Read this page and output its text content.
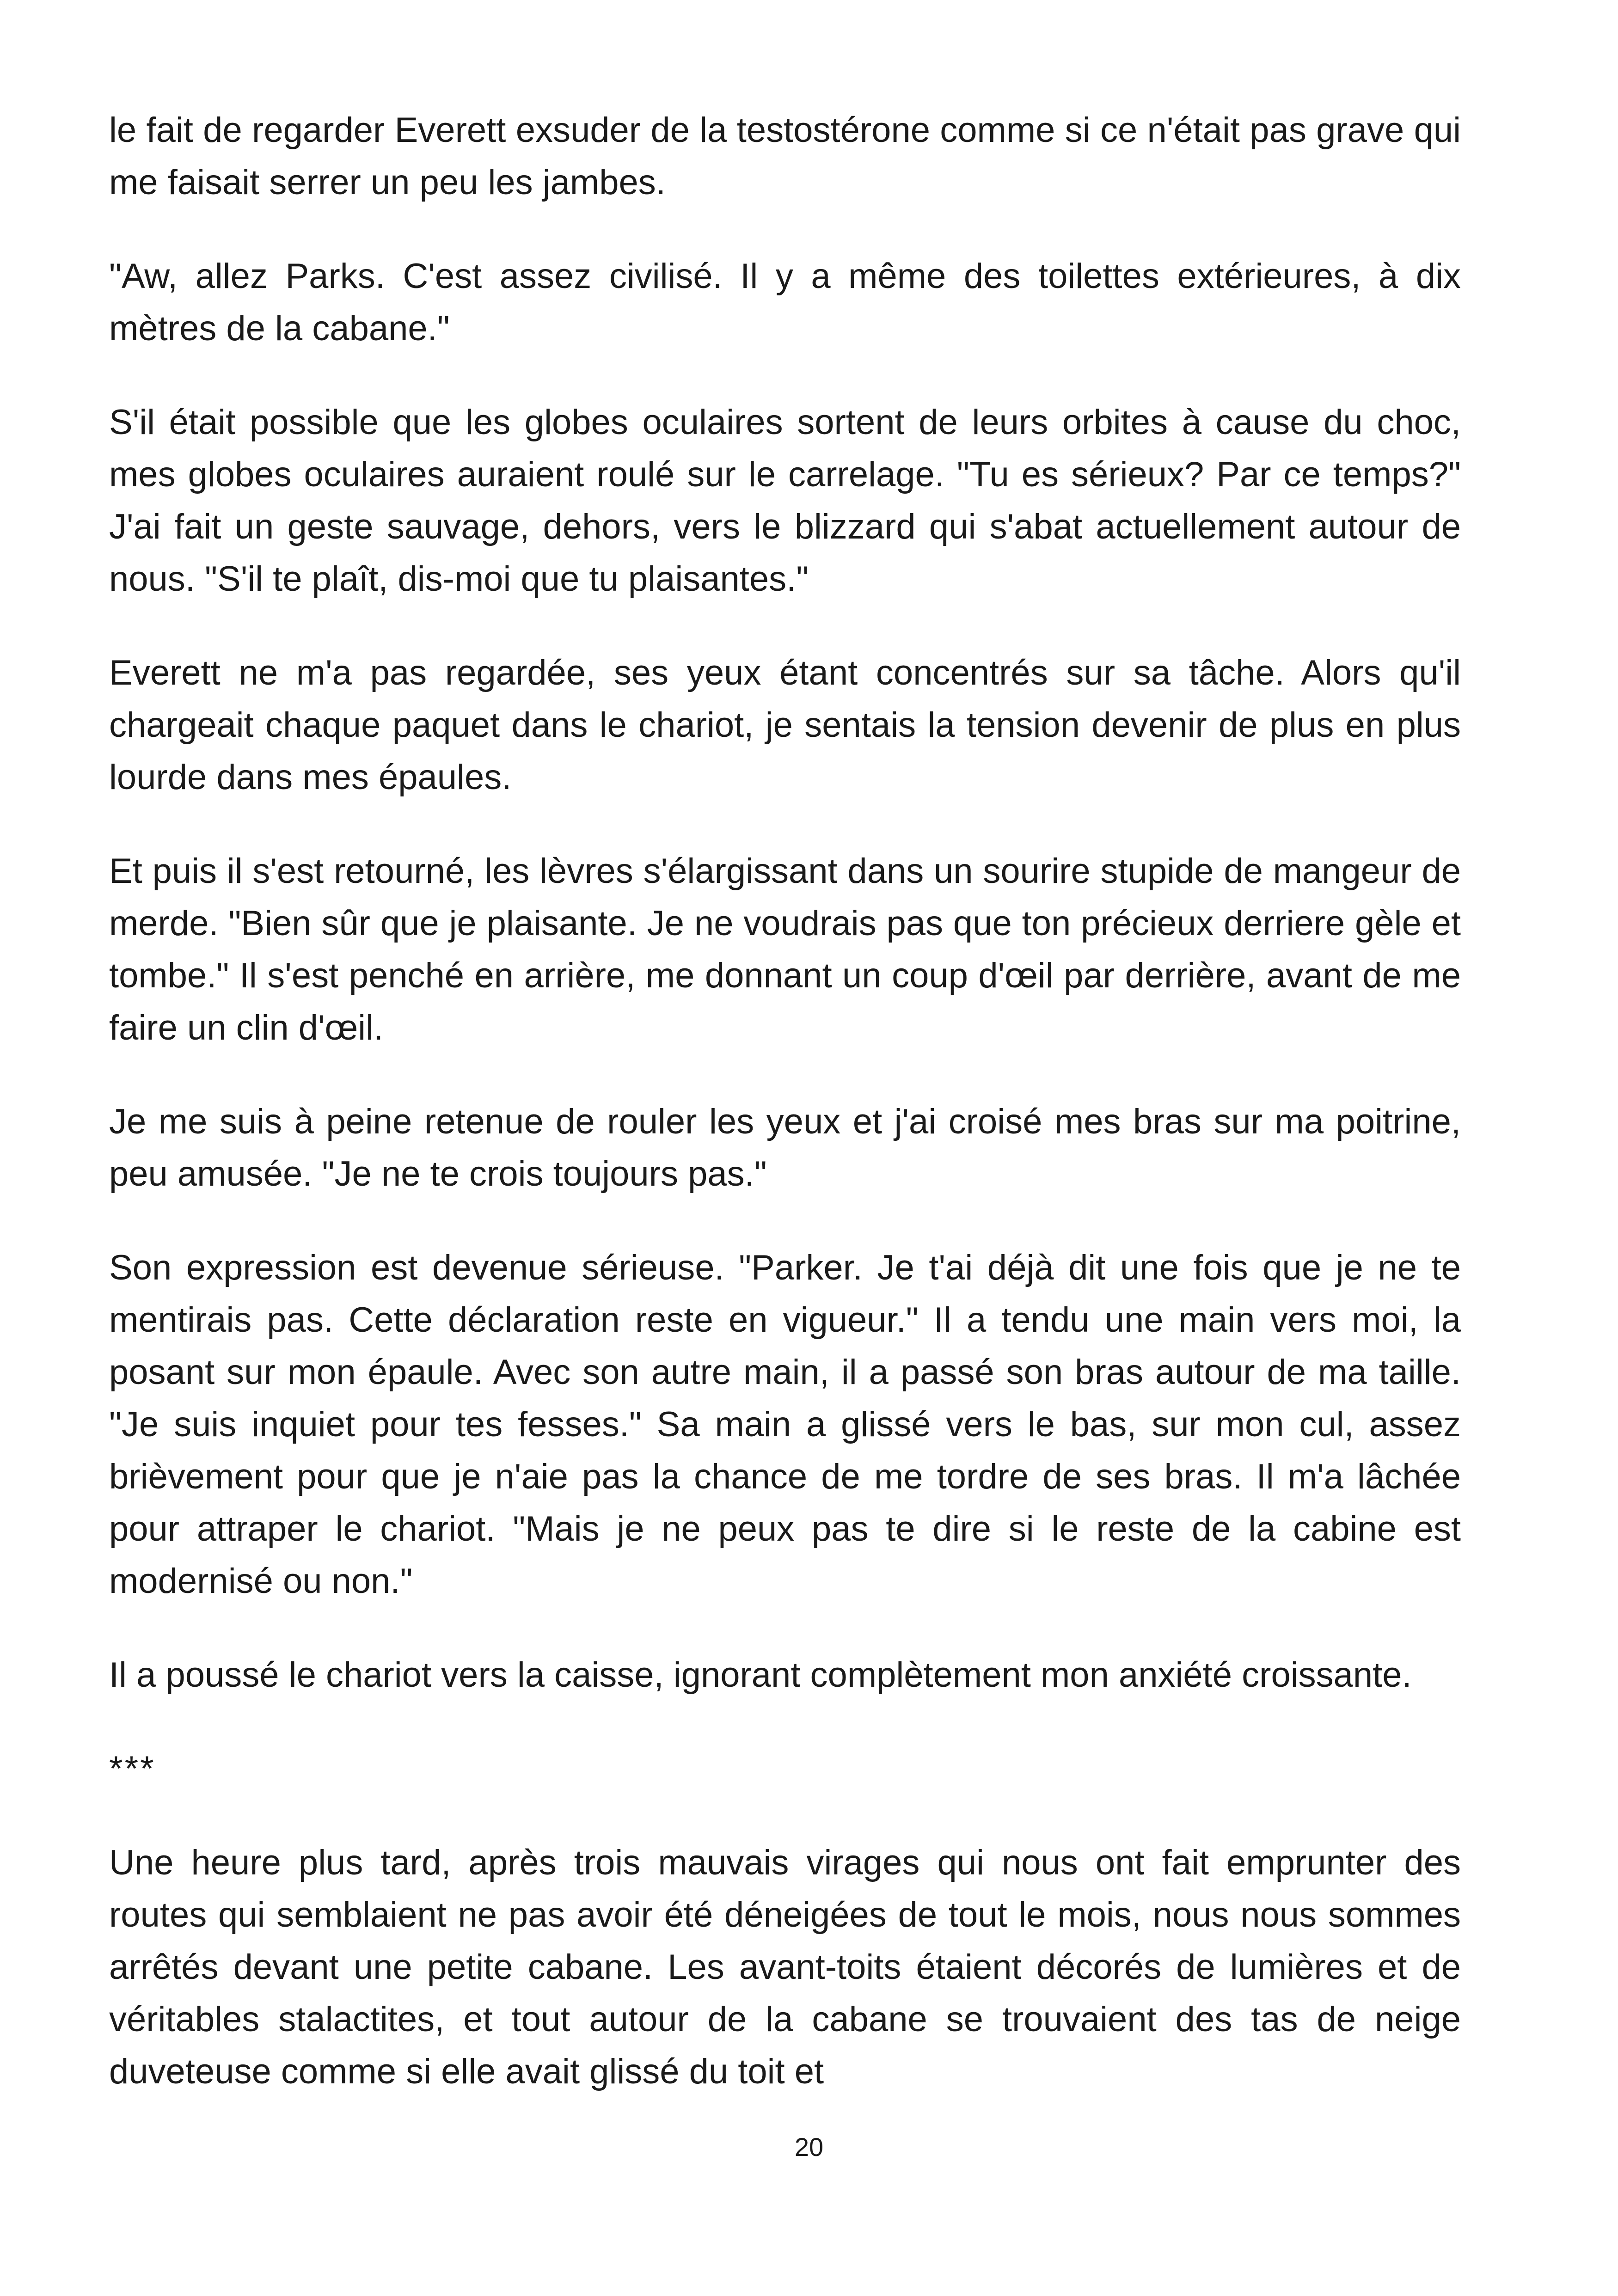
le fait de regarder Everett exsuder de la testostérone comme si ce n'était pas grave qui me faisait serrer un peu les jambes.

"Aw, allez Parks. C'est assez civilisé. Il y a même des toilettes extérieures, à dix mètres de la cabane."

S'il était possible que les globes oculaires sortent de leurs orbites à cause du choc, mes globes oculaires auraient roulé sur le carrelage. "Tu es sérieux? Par ce temps?" J'ai fait un geste sauvage, dehors, vers le blizzard qui s'abat actuellement autour de nous. "S'il te plaît, dis-moi que tu plaisantes."

Everett ne m'a pas regardée, ses yeux étant concentrés sur sa tâche. Alors qu'il chargeait chaque paquet dans le chariot, je sentais la tension devenir de plus en plus lourde dans mes épaules.

Et puis il s'est retourné, les lèvres s'élargissant dans un sourire stupide de mangeur de merde. "Bien sûr que je plaisante. Je ne voudrais pas que ton précieux derriere gèle et tombe." Il s'est penché en arrière, me donnant un coup d'œil par derrière, avant de me faire un clin d'œil.

Je me suis à peine retenue de rouler les yeux et j'ai croisé mes bras sur ma poitrine, peu amusée. "Je ne te crois toujours pas."

Son expression est devenue sérieuse. "Parker. Je t'ai déjà dit une fois que je ne te mentirais pas. Cette déclaration reste en vigueur." Il a tendu une main vers moi, la posant sur mon épaule. Avec son autre main, il a passé son bras autour de ma taille. "Je suis inquiet pour tes fesses." Sa main a glissé vers le bas, sur mon cul, assez brièvement pour que je n'aie pas la chance de me tordre de ses bras. Il m'a lâchée pour attraper le chariot. "Mais je ne peux pas te dire si le reste de la cabine est modernisé ou non."

Il a poussé le chariot vers la caisse, ignorant complètement mon anxiété croissante.

***

Une heure plus tard, après trois mauvais virages qui nous ont fait emprunter des routes qui semblaient ne pas avoir été déneigées de tout le mois, nous nous sommes arrêtés devant une petite cabane. Les avant-toits étaient décorés de lumières et de véritables stalactites, et tout autour de la cabane se trouvaient des tas de neige duveteuse comme si elle avait glissé du toit et

20
